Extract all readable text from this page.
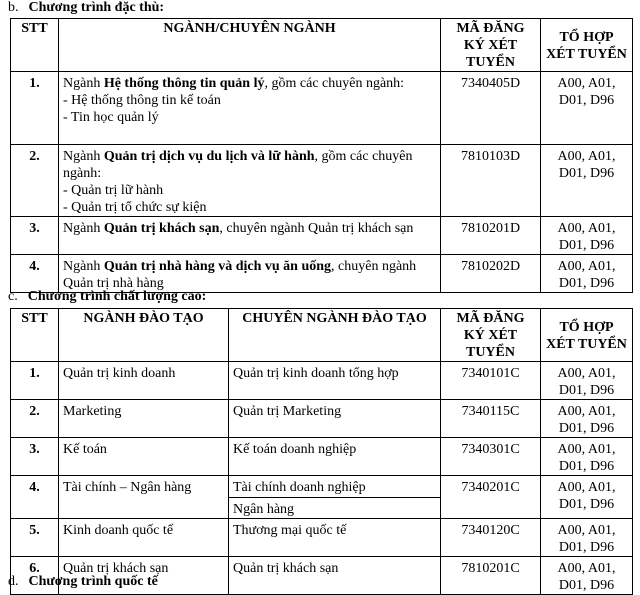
b. Chương trình đặc thù:
STT	NGÀNH/CHUYÊN NGÀNH	MÃ ĐĂNG KÝ XÉT TUYỂN	TỔ HỢP XÉT TUYỂN
1.	Ngành Hệ thống thông tin quản lý, gồm các chuyên ngành:
- Hệ thống thông tin kế toán
- Tin học quản lý	7340405D	A00, A01, D01, D96
2.	Ngành Quản trị dịch vụ du lịch và lữ hành, gồm các chuyên ngành:
- Quản trị lữ hành
- Quản trị tổ chức sự kiện	7810103D	A00, A01, D01, D96
3.	Ngành Quản trị khách sạn, chuyên ngành Quản trị khách sạn	7810201D	A00, A01, D01, D96
4.	Ngành Quản trị nhà hàng và dịch vụ ăn uống, chuyên ngành Quản trị nhà hàng	7810202D	A00, A01, D01, D96
c. Chương trình chất lượng cao:
STT	NGÀNH ĐÀO TẠO	CHUYÊN NGÀNH ĐÀO TẠO	MÃ ĐĂNG KÝ XÉT TUYỂN	TỔ HỢP XÉT TUYỂN
1.	Quản trị kinh doanh	Quản trị kinh doanh tổng hợp	7340101C	A00, A01, D01, D96
2.	Marketing	Quản trị Marketing	7340115C	A00, A01, D01, D96
3.	Kế toán	Kế toán doanh nghiệp	7340301C	A00, A01, D01, D96
4.	Tài chính – Ngân hàng	Tài chính doanh nghiệp
Ngân hàng	7340201C	A00, A01, D01, D96
5.	Kinh doanh quốc tế	Thương mại quốc tế	7340120C	A00, A01, D01, D96
6.	Quản trị khách sạn	Quản trị khách sạn	7810201C	A00, A01, D01, D96
d. Chương trình quốc tế
